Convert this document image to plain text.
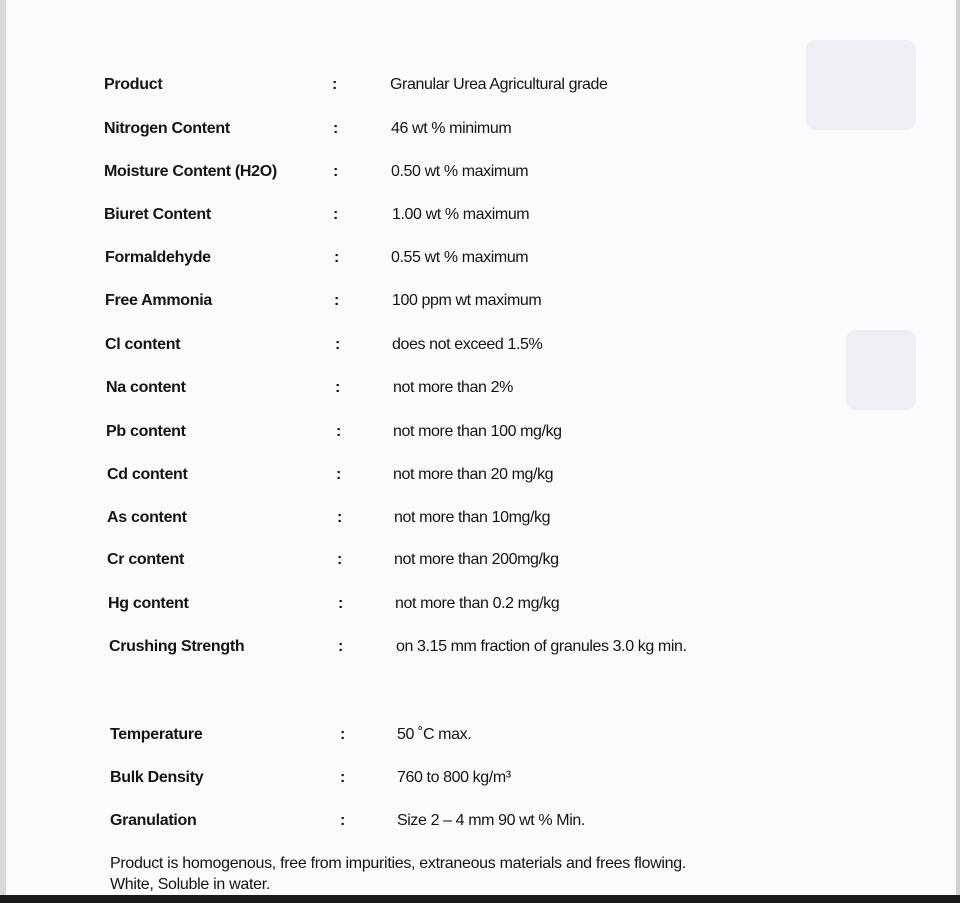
Product	:	Granular Urea Agricultural grade
Nitrogen Content	:	46 wt % minimum
Moisture Content (H2O)	:	0.50 wt % maximum
Biuret Content	:	1.00 wt % maximum
Formaldehyde	:	0.55 wt % maximum
Free Ammonia	:	100 ppm wt maximum
Cl content	:	does not exceed 1.5%
Na content	:	not more than 2%
Pb content	:	not more than 100 mg/kg
Cd content	:	not more than 20 mg/kg
As content	:	not more than 10mg/kg
Cr content	:	not more than 200mg/kg
Hg content	:	not more than 0.2 mg/kg
Crushing Strength	:	on 3.15 mm fraction of granules 3.0 kg min.
Temperature	:	50 ˚C max.
Bulk Density	:	760 to 800 kg/m³
Granulation	:	Size 2 – 4 mm 90 wt % Min.
Product is homogenous, free from impurities, extraneous materials and frees flowing.
White, Soluble in water.
